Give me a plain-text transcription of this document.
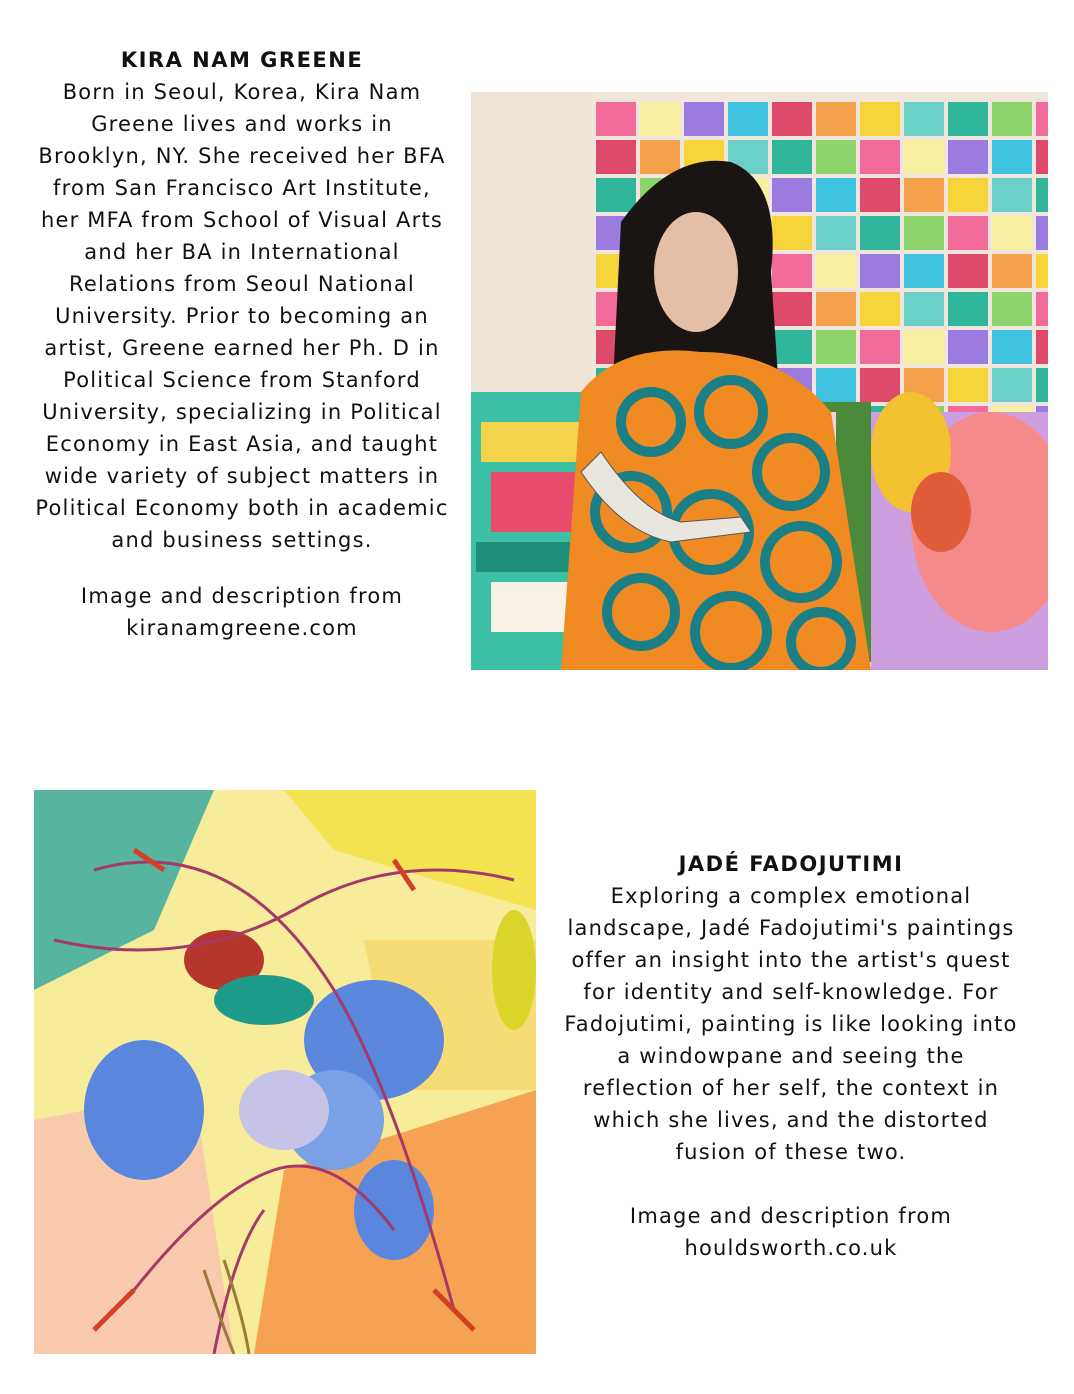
KIRA NAM GREENE
Born in Seoul, Korea, Kira Nam Greene lives and works in Brooklyn, NY. She received her BFA from San Francisco Art Institute, her MFA from School of Visual Arts and her BA in International Relations from Seoul National University. Prior to becoming an artist, Greene earned her Ph. D in Political Science from Stanford University, specializing in Political Economy in East Asia, and taught wide variety of subject matters in Political Economy both in academic and business settings.
Image and description from
kiranamgreene.com
JADÉ FADOJUTIMI
Exploring a complex emotional landscape, Jadé Fadojutimi's paintings offer an insight into the artist's quest for identity and self-knowledge. For Fadojutimi, painting is like looking into a windowpane and seeing the reflection of her self, the context in which she lives, and the distorted fusion of these two.
Image and description from
houldsworth.co.uk
